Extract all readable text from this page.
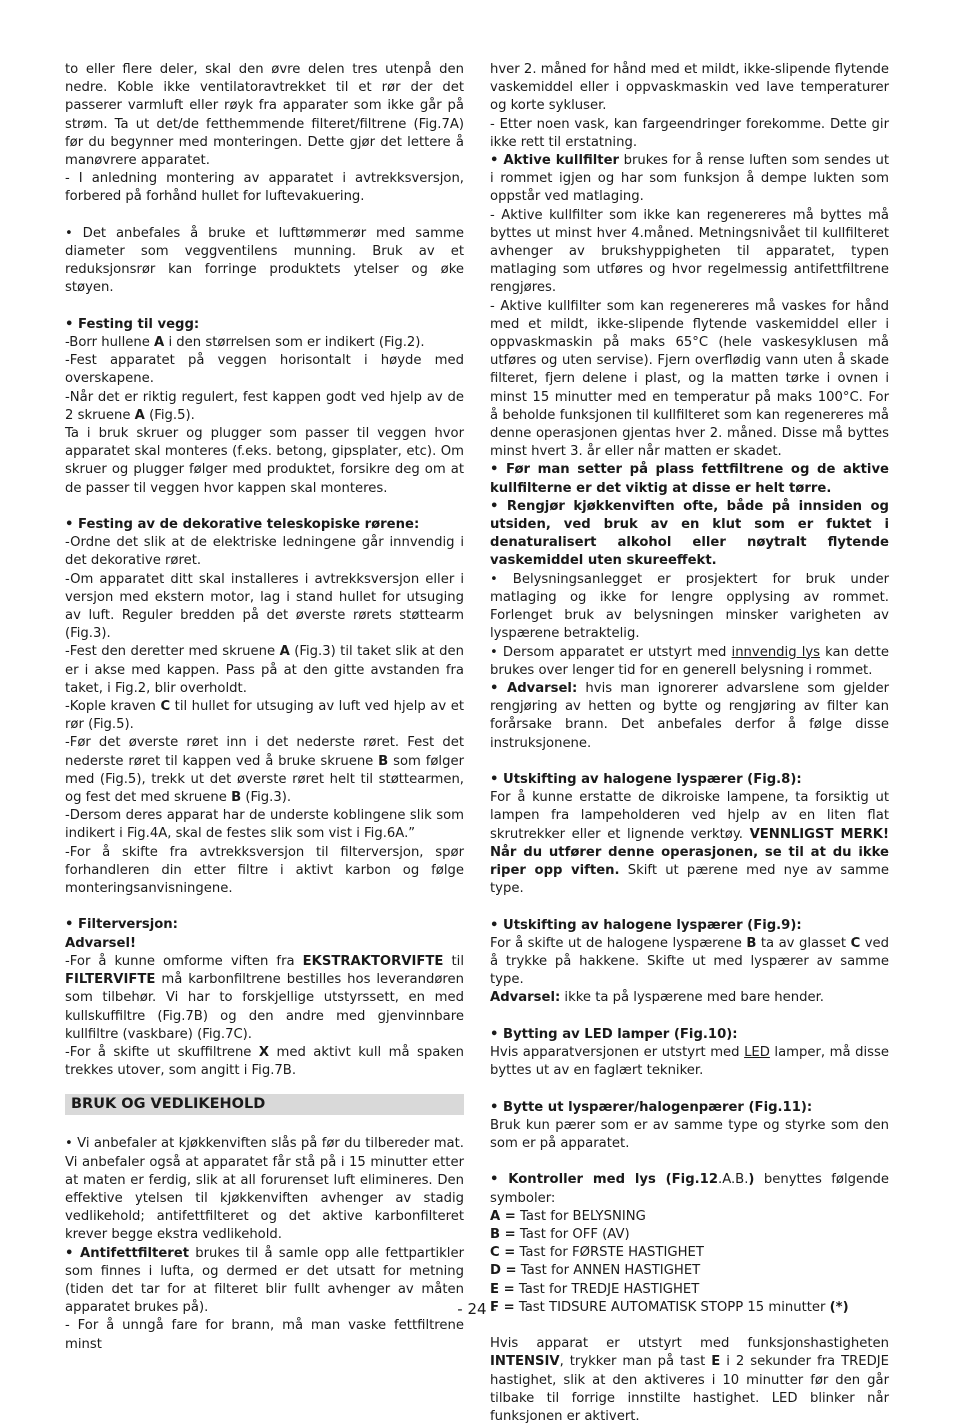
to eller flere deler, skal den øvre delen tres utenpå den nedre. Koble ikke ventilatoravtrekket til et rør der det passerer varmluft eller røyk fra apparater som ikke går på strøm. Ta ut det/de fetthemmende filteret/filtrene (Fig.7A) før du begynner med monteringen. Dette gjør det lettere å manøvrere apparatet.

- I anledning montering av apparatet i avtrekksversjon, forbered på forhånd hullet for luftevakuering.

• Det anbefales å bruke et lufttømmerør med samme diameter som veggventilens munning. Bruk av et reduksjonsrør kan forringe produktets ytelser og øke støyen.

• Festing til vegg:

-Borr hullene A i den størrelsen som er indikert (Fig.2).

-Fest apparatet på veggen horisontalt i høyde med overskapene.

-Når det er riktig regulert, fest kappen godt ved hjelp av de 2 skruene A (Fig.5).

Ta i bruk skruer og plugger som passer til veggen hvor apparatet skal monteres (f.eks. betong, gipsplater, etc). Om skruer og plugger følger med produktet, forsikre deg om at de passer til veggen hvor kappen skal monteres.

• Festing av de dekorative teleskopiske rørene:

-Ordne det slik at de elektriske ledningene går innvendig i det dekorative røret.

-Om apparatet ditt skal installeres i avtrekksversjon eller i versjon med ekstern motor, lag i stand hullet for utsuging av luft. Reguler bredden på det øverste rørets støttearm (Fig.3).

-Fest den deretter med skruene A (Fig.3) til taket slik at den er i akse med kappen. Pass på at den gitte avstanden fra taket, i Fig.2, blir overholdt.

-Kople kraven C til hullet for utsuging av luft ved hjelp av et rør (Fig.5).

-Før det øverste røret inn i det nederste røret. Fest det nederste røret til kappen ved å bruke skruene B som følger med (Fig.5), trekk ut det øverste røret helt til støttearmen, og fest det med skruene B (Fig.3).

-Dersom deres apparat har de underste koblingene slik som indikert i Fig.4A, skal de festes slik som vist i Fig.6A.”

-For å skifte fra avtrekksversjon til filterversjon, spør forhandleren din etter filtre i aktivt karbon og følge monteringsanvisningene.

• Filterversjon:

Advarsel!

-For å kunne omforme viften fra EKSTRAKTORVIFTE til FILTERVIFTE må karbonfiltrene bestilles hos leverandøren som tilbehør. Vi har to forskjellige utstyrssett, en med kullskuffiltre (Fig.7B) og den andre med gjenvinnbare kullfiltre (vaskbare) (Fig.7C).

-For å skifte ut skuffiltrene X med aktivt kull må spaken trekkes utover, som angitt i Fig.7B.

BRUK OG VEDLIKEHOLD

• Vi anbefaler at kjøkkenviften slås på før du tilbereder mat. Vi anbefaler også at apparatet får stå på i 15 minutter etter at maten er ferdig, slik at all forurenset luft elimineres. Den effektive ytelsen til kjøkkenviften avhenger av stadig vedlikehold; antifettfilteret og det aktive karbonfilteret krever begge ekstra vedlikehold.

• Antifettfilteret brukes til å samle opp alle fettpartikler som finnes i lufta, og dermed er det utsatt for metning (tiden det tar for at filteret blir fullt avhenger av måten apparatet brukes på).

- For å unngå fare for brann, må man vaske fettfiltrene minst

hver 2. måned for hånd med et mildt, ikke-slipende flytende vaskemiddel eller i oppvaskmaskin ved lave temperaturer og korte sykluser.

- Etter noen vask, kan fargeendringer forekomme. Dette gir ikke rett til erstatning.

• Aktive kullfilter brukes for å rense luften som sendes ut i rommet igjen og har som funksjon å dempe lukten som oppstår ved matlaging.

- Aktive kullfilter som ikke kan regenereres må byttes må byttes ut minst hver 4.måned. Metningsnivået til kullfilteret avhenger av brukshyppigheten til apparatet, typen matlaging som utføres og hvor regelmessig antifettfiltrene rengjøres.

- Aktive kullfilter som kan regenereres må vaskes for hånd med et mildt, ikke-slipende flytende vaskemiddel eller i oppvaskmaskin på maks 65°C (hele vaskesyklusen må utføres og uten servise). Fjern overflødig vann uten å skade filteret, fjern delene i plast, og la matten tørke i ovnen i minst 15 minutter med en temperatur på maks 100°C. For å beholde funksjonen til kullfilteret som kan regenereres må denne operasjonen gjentas hver 2. måned. Disse må byttes minst hvert 3. år eller når matten er skadet.

• Før man setter på plass fettfiltrene og de aktive kullfilterne er det viktig at disse er helt tørre.

• Rengjør kjøkkenviften ofte, både på innsiden og utsiden, ved bruk av en klut som er fuktet i denaturalisert alkohol eller nøytralt flytende vaskemiddel uten skureeffekt.

• Belysningsanlegget er prosjektert for bruk under matlaging og ikke for lengre opplysing av rommet. Forlenget bruk av belysningen minsker varigheten av lyspærene betraktelig.

• Dersom apparatet er utstyrt med innvendig lys kan dette brukes over lenger tid for en generell belysning i rommet.

• Advarsel: hvis man ignorerer advarslene som gjelder rengjøring av hetten og bytte og rengjøring av filter kan forårsake brann. Det anbefales derfor å følge disse instruksjonene.

• Utskifting av halogene lyspærer (Fig.8):

For å kunne erstatte de dikroiske lampene, ta forsiktig ut lampen fra lampeholderen ved hjelp av en liten flat skrutrekker eller et lignende verktøy. VENNLIGST MERK! Når du utfører denne operasjonen, se til at du ikke riper opp viften. Skift ut pærene med nye av samme type.

• Utskifting av halogene lyspærer (Fig.9):

For å skifte ut de halogene lyspærene B ta av glasset C ved å trykke på hakkene. Skifte ut med lyspærer av samme type.

Advarsel: ikke ta på lyspærene med bare hender.

• Bytting av LED lamper (Fig.10):

Hvis apparatversjonen er utstyrt med LED lamper, må disse byttes ut av en faglært tekniker.

• Bytte ut lyspærer/halogenpærer (Fig.11):

Bruk kun pærer som er av samme type og styrke som den som er på apparatet.

• Kontroller med lys (Fig.12.A.B.) benyttes følgende symboler:

A = Tast for BELYSNING

B = Tast for OFF (AV)

C = Tast for FØRSTE HASTIGHET

D = Tast for ANNEN HASTIGHET

E = Tast for TREDJE HASTIGHET

F = Tast TIDSURE AUTOMATISK STOPP 15 minutter (*)

Hvis apparat er utstyrt med funksjonshastigheten INTENSIV, trykker man på tast E i 2 sekunder fra TREDJE hastighet, slik at den aktiveres i 10 minutter før den går tilbake til forrige innstilte hastighet. LED blinker når funksjonen er aktivert.

- 24 -
